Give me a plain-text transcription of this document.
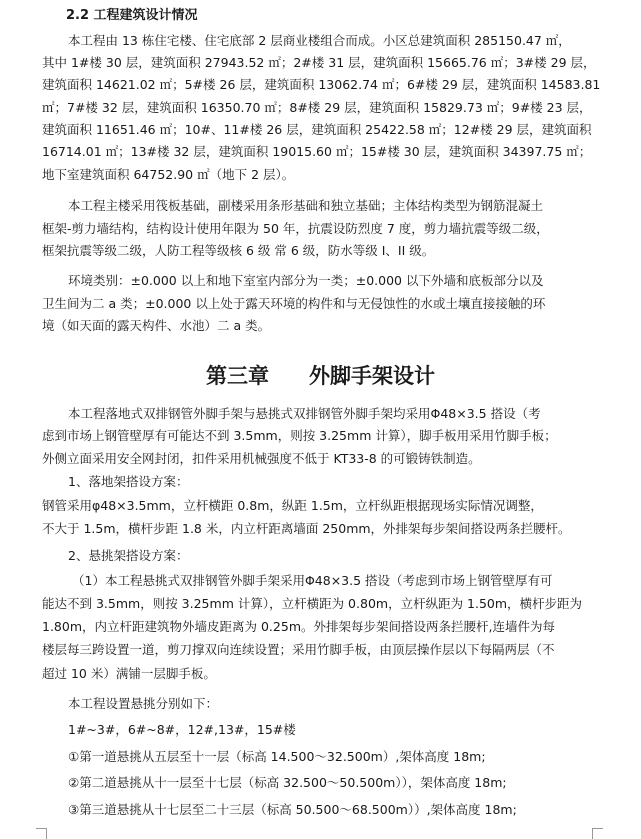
2.2 工程建筑设计情况
本工程由 13 栋住宅楼、住宅底部 2 层商业楼组合而成。小区总建筑面积 285150.47 ㎡，
其中 1#楼 30 层，建筑面积 27943.52 ㎡；2#楼 31 层，建筑面积 15665.76 ㎡；3#楼 29 层，
建筑面积 14621.02 ㎡；5#楼 26 层，建筑面积 13062.74 ㎡；6#楼 29 层，建筑面积 14583.81
㎡；7#楼 32 层，建筑面积 16350.70 ㎡；8#楼 29 层，建筑面积 15829.73 ㎡；9#楼 23 层，
建筑面积 11651.46 ㎡；10#、11#楼 26 层，建筑面积 25422.58 ㎡；12#楼 29 层，建筑面积
16714.01 ㎡；13#楼 32 层，建筑面积 19015.60 ㎡；15#楼 30 层，建筑面积 34397.75 ㎡；
地下室建筑面积 64752.90 ㎡（地下 2 层）。
本工程主楼采用筏板基础，副楼采用条形基础和独立基础；主体结构类型为钢筋混凝土
框架-剪力墙结构，结构设计使用年限为 50 年，抗震设防烈度 7 度，剪力墙抗震等级二级，
框架抗震等级二级，人防工程等级核 6 级 常 6 级，防水等级 I、II 级。
环境类别：±0.000 以上和地下室室内部分为一类；±0.000 以下外墙和底板部分以及
卫生间为二 a 类；±0.000 以上处于露天环境的构件和与无侵蚀性的水或土壤直接接触的环
境（如天面的露天构件、水池）二 a 类。
第三章 外脚手架设计
本工程落地式双排钢管外脚手架与悬挑式双排钢管外脚手架均采用Φ48×3.5 搭设（考
虑到市场上钢管壁厚有可能达不到 3.5mm，则按 3.25mm 计算），脚手板用采用竹脚手板；
外侧立面采用安全网封闭，扣件采用机械强度不低于 KT33-8 的可锻铸铁制造。
1、落地架搭设方案：
钢管采用φ48×3.5mm，立杆横距 0.8m，纵距 1.5m，立杆纵距根据现场实际情况调整，
不大于 1.5m，横杆步距 1.8 米，内立杆距离墙面 250mm，外排架每步架间搭设两条拦腰杆。
2、悬挑架搭设方案：
（1）本工程悬挑式双排钢管外脚手架采用Φ48×3.5 搭设（考虑到市场上钢管壁厚有可
能达不到 3.5mm，则按 3.25mm 计算），立杆横距为 0.80m，立杆纵距为 1.50m，横杆步距为
1.80m，内立杆距建筑物外墙皮距离为 0.25m。外排架每步架间搭设两条拦腰杆,连墙件为每
楼层每三跨设置一道，剪刀撑双向连续设置；采用竹脚手板，由顶层操作层以下每隔两层（不
超过 10 米）满铺一层脚手板。
本工程设置悬挑分别如下：
1#~3#，6#~8#，12#,13#，15#楼
①第一道悬挑从五层至十一层（标高 14.500～32.500m）,架体高度 18m;
②第二道悬挑从十一层至十七层（标高 32.500～50.500m）），架体高度 18m;
③第三道悬挑从十七层至二十三层（标高 50.500～68.500m））,架体高度 18m;
